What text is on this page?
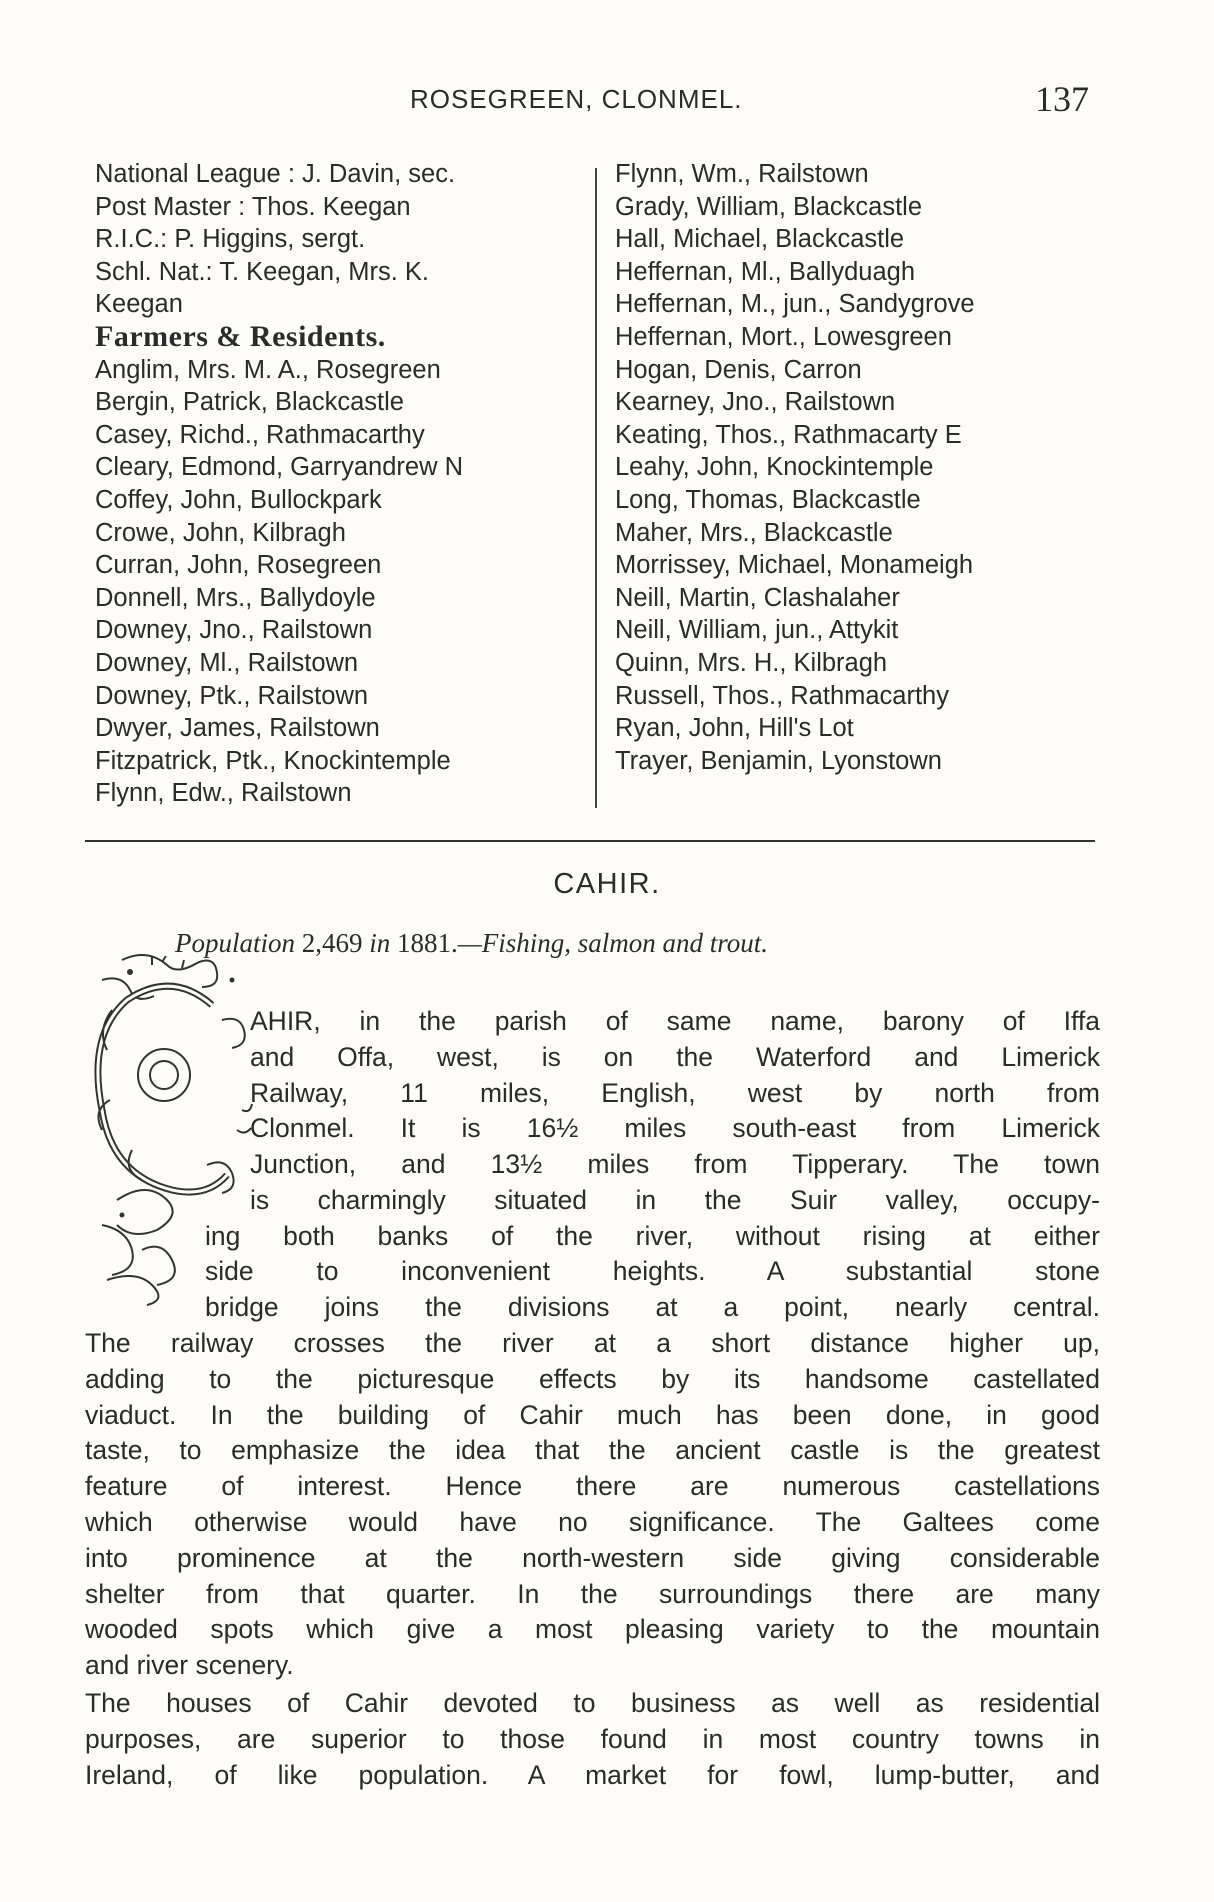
ROSEGREEN, CLONMEL.	137
National League : J. Davin, sec.
Post Master : Thos. Keegan
R.I.C.: P. Higgins, sergt.
Schl. Nat.: T. Keegan, Mrs. K.
Keegan
Farmers & Residents.
Anglim, Mrs. M. A., Rosegreen
Bergin, Patrick, Blackcastle
Casey, Richd., Rathmacarthy
Cleary, Edmond, Garryandrew N
Coffey, John, Bullockpark
Crowe, John, Kilbragh
Curran, John, Rosegreen
Donnell, Mrs., Ballydoyle
Downey, Jno., Railstown
Downey, Ml., Railstown
Downey, Ptk., Railstown
Dwyer, James, Railstown
Fitzpatrick, Ptk., Knockintemple
Flynn, Edw., Railstown
Flynn, Wm., Railstown
Grady, William, Blackcastle
Hall, Michael, Blackcastle
Heffernan, Ml., Ballyduagh
Heffernan, M., jun., Sandygrove
Heffernan, Mort., Lowesgreen
Hogan, Denis, Carron
Kearney, Jno., Railstown
Keating, Thos., Rathmacarty E
Leahy, John, Knockintemple
Long, Thomas, Blackcastle
Maher, Mrs., Blackcastle
Morrissey, Michael, Monameigh
Neill, Martin, Clashalaher
Neill, William, jun., Attykit
Quinn, Mrs. H., Kilbragh
Russell, Thos., Rathmacarthy
Ryan, John, Hill's Lot
Trayer, Benjamin, Lyonstown
CAHIR.
Population 2,469 in 1881.—Fishing, salmon and trout.
AHIR, in the parish of same name, barony of Iffa
and Offa, west, is on the Waterford and Limerick
Railway, 11 miles, English, west by north from
Clonmel. It is 16½ miles south-east from Limerick
Junction, and 13½ miles from Tipperary. The town
is charmingly situated in the Suir valley, occupy-
ing both banks of the river, without rising at either
side to inconvenient heights. A substantial stone
bridge joins the divisions at a point, nearly central.
The railway crosses the river at a short distance higher up,
adding to the picturesque effects by its handsome castellated
viaduct. In the building of Cahir much has been done, in good
taste, to emphasize the idea that the ancient castle is the greatest
feature of interest. Hence there are numerous castellations
which otherwise would have no significance. The Galtees come
into prominence at the north-western side giving considerable
shelter from that quarter. In the surroundings there are many
wooded spots which give a most pleasing variety to the mountain
and river scenery.
The houses of Cahir devoted to business as well as residential
purposes, are superior to those found in most country towns in
Ireland, of like population. A market for fowl, lump-butter, and
